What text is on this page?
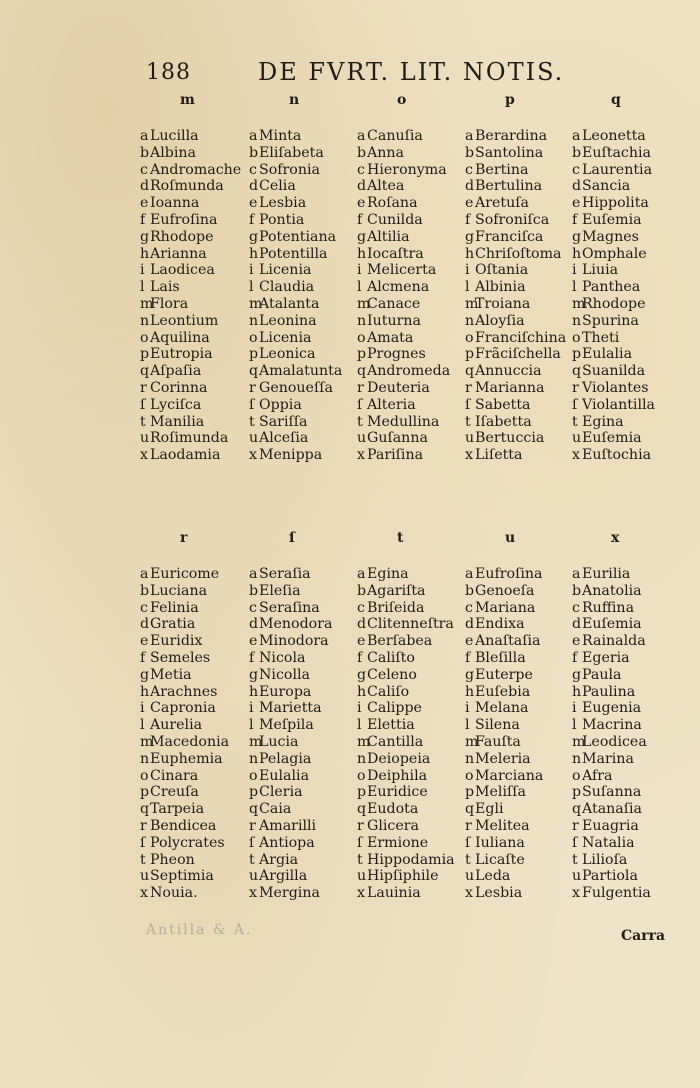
188	DE FVRT. LIT. NOTIS.
m
a Lucilla
bAlbina
c Andromache
dRoſmunda
e Ioanna
f Eufroſina
gRhodope
hArianna
i Laodicea
l Lais
mFlora
nLeontium
oAquilina
pEutropia
qAſpaſia
r Corinna
ſ Lyciſca
t Manilia
uRoſimunda
x Laodamia
n
a Minta
bEliſabeta
c Sofronia
dCelia
e Lesbia
f Pontia
gPotentiana
hPotentilla
i Licenia
l Claudia
mAtalanta
nLeonina
oLicenia
pLeonica
qAmalatunta
r Genoueſſa
ſ Oppia
t Sariſſa
uAlceſia
x Menippa
o
a Canuſia
bAnna
c Hieronyma
dAltea
e Roſana
f Cunilda
gAltilia
hIocaſtra
i Melicerta
l Alcmena
mCanace
nIuturna
oAmata
pPrognes
qAndromeda
r Deuteria
ſ Alteria
t Medullina
uGuſanna
x Pariſina
p
a Berardina
bSantolina
c Bertina
dBertulina
e Aretuſa
f Sofroniſca
gFranciſca
hChriſoſtoma
i Oſtania
l Albinia
mTroiana
nAloyſia
oFranciſchina
pFrãciſchella
qAnnuccia
r Marianna
ſ Sabetta
t Iſabetta
uBertuccia
x Liſetta
q
a Leonetta
bEuſtachia
c Laurentia
dSancia
e Hippolita
f Euſemia
gMagnes
hOmphale
i Liuia
l Panthea
mRhodope
nSpurina
oTheti
pEulalia
qSuanilda
r Violantes
ſ Violantilla
t Egina
uEuſemia
x Euſtochia
r
a Euricome
bLuciana
c Felinia
dGratia
e Euridix
f Semeles
gMetia
hArachnes
i Capronia
l Aurelia
mMacedonia
nEuphemia
oCinara
pCreuſa
qTarpeia
r Bendicea
ſ Polycrates
t Pheon
uSeptimia
x Nouia.
ſ
a Seraſia
bEleſia
c Seraſina
dMenodora
e Minodora
f Nicola
gNicolla
hEuropa
i Marietta
l Meſpila
mLucia
nPelagia
oEulalia
pCleria
qCaia
r Amarilli
ſ Antiopa
t Argia
uArgilla
x Mergina
t
a Egina
bAgariſta
c Briſeida
dClitenneſtra
e Berſabea
f Caliſto
gCeleno
hCaliſo
i Calippe
l Elettia
mCantilla
nDeiopeia
oDeiphila
pEuridice
qEudota
r Glicera
ſ Ermione
t Hippodamia
uHipſiphile
x Lauinia
u
a Eufroſina
bGenoeſa
c Mariana
dEndixa
e Anaſtaſia
f Bleſilla
gEuterpe
hEuſebia
i Melana
l Silena
mFauſta
nMeleria
oMarciana
pMeliſſa
qEgli
r Melitea
ſ Iuliana
t Licaſte
uLeda
x Lesbia
x
a Eurilia
bAnatolia
c Ruffina
dEuſemia
e Rainalda
f Egeria
gPaula
hPaulina
i Eugenia
l Macrina
mLeodicea
nMarina
oAfra
pSuſanna
qAtanaſia
r Euagria
ſ Natalia
t Lilioſa
uPartiola
x Fulgentia
Antilla & A.	Carra
